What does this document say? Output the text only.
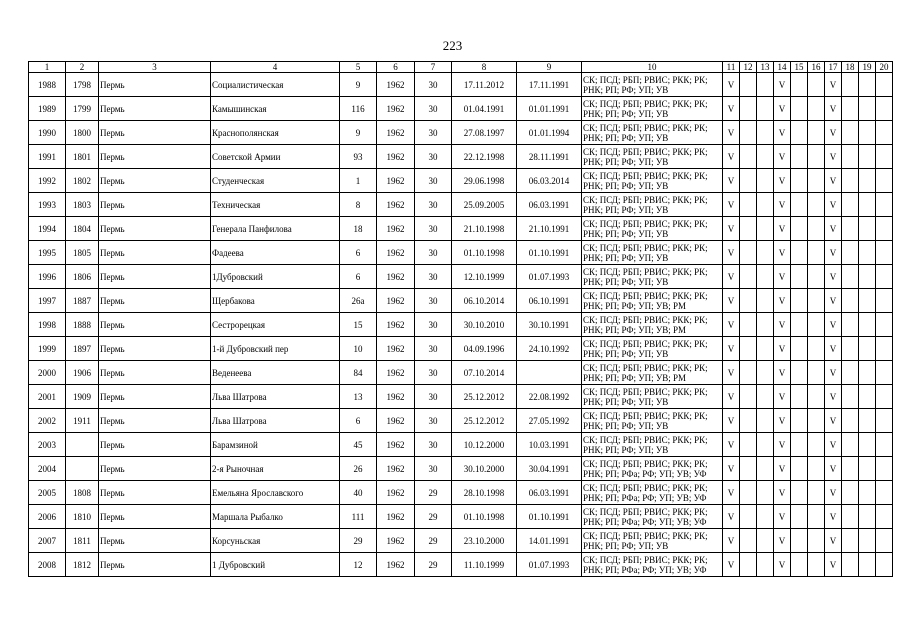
223
1	2	3	4	5	6	7	8	9	10	11	12	13	14	15	16	17	18	19	20
1988	1798	Пермь	Социалистическая	9	1962	30	17.11.2012	17.11.1991	СК; ПСД; РБП; РВИС; РКК; РК;
РНК; РП; РФ; УП; УВ	V			V			V			
1989	1799	Пермь	Камышинская	116	1962	30	01.04.1991	01.01.1991	СК; ПСД; РБП; РВИС; РКК; РК;
РНК; РП; РФ; УП; УВ	V			V			V			
1990	1800	Пермь	Краснополянская	9	1962	30	27.08.1997	01.01.1994	СК; ПСД; РБП; РВИС; РКК; РК;
РНК; РП; РФ; УП; УВ	V			V			V			
1991	1801	Пермь	Советской Армии	93	1962	30	22.12.1998	28.11.1991	СК; ПСД; РБП; РВИС; РКК; РК;
РНК; РП; РФ; УП; УВ	V			V			V			
1992	1802	Пермь	Студенческая	1	1962	30	29.06.1998	06.03.2014	СК; ПСД; РБП; РВИС; РКК; РК;
РНК; РП; РФ; УП; УВ	V			V			V			
1993	1803	Пермь	Техническая	8	1962	30	25.09.2005	06.03.1991	СК; ПСД; РБП; РВИС; РКК; РК;
РНК; РП; РФ; УП; УВ	V			V			V			
1994	1804	Пермь	Генерала Панфилова	18	1962	30	21.10.1998	21.10.1991	СК; ПСД; РБП; РВИС; РКК; РК;
РНК; РП; РФ; УП; УВ	V			V			V			
1995	1805	Пермь	Фадеева	6	1962	30	01.10.1998	01.10.1991	СК; ПСД; РБП; РВИС; РКК; РК;
РНК; РП; РФ; УП; УВ	V			V			V			
1996	1806	Пермь	1Дубровский	6	1962	30	12.10.1999	01.07.1993	СК; ПСД; РБП; РВИС; РКК; РК;
РНК; РП; РФ; УП; УВ	V			V			V			
1997	1887	Пермь	Щербакова	26а	1962	30	06.10.2014	06.10.1991	СК; ПСД; РБП; РВИС; РКК; РК;
РНК; РП; РФ; УП; УВ; РМ	V			V			V			
1998	1888	Пермь	Сестрорецкая	15	1962	30	30.10.2010	30.10.1991	СК; ПСД; РБП; РВИС; РКК; РК;
РНК; РП; РФ; УП; УВ; РМ	V			V			V			
1999	1897	Пермь	1-й Дубровский пер	10	1962	30	04.09.1996	24.10.1992	СК; ПСД; РБП; РВИС; РКК; РК;
РНК; РП; РФ; УП; УВ	V			V			V			
2000	1906	Пермь	Веденеева	84	1962	30	07.10.2014		СК; ПСД; РБП; РВИС; РКК; РК;
РНК; РП; РФ; УП; УВ; РМ	V			V			V			
2001	1909	Пермь	Льва Шатрова	13	1962	30	25.12.2012	22.08.1992	СК; ПСД; РБП; РВИС; РКК; РК;
РНК; РП; РФ; УП; УВ	V			V			V			
2002	1911	Пермь	Льва Шатрова	6	1962	30	25.12.2012	27.05.1992	СК; ПСД; РБП; РВИС; РКК; РК;
РНК; РП; РФ; УП; УВ	V			V			V			
2003		Пермь	Барамзиной	45	1962	30	10.12.2000	10.03.1991	СК; ПСД; РБП; РВИС; РКК; РК;
РНК; РП; РФ; УП; УВ	V			V			V			
2004		Пермь	2-я Рыночная	26	1962	30	30.10.2000	30.04.1991	СК; ПСД; РБП; РВИС; РКК; РК;
РНК; РП; РФа; РФ; УП; УВ; УФ	V			V			V			
2005	1808	Пермь	Емельяна Ярославского	40	1962	29	28.10.1998	06.03.1991	СК; ПСД; РБП; РВИС; РКК; РК;
РНК; РП; РФа; РФ; УП; УВ; УФ	V			V			V			
2006	1810	Пермь	Маршала Рыбалко	111	1962	29	01.10.1998	01.10.1991	СК; ПСД; РБП; РВИС; РКК; РК;
РНК; РП; РФа; РФ; УП; УВ; УФ	V			V			V			
2007	1811	Пермь	Корсуньская	29	1962	29	23.10.2000	14.01.1991	СК; ПСД; РБП; РВИС; РКК; РК;
РНК; РП; РФ; УП; УВ	V			V			V			
2008	1812	Пермь	1 Дубровский	12	1962	29	11.10.1999	01.07.1993	СК; ПСД; РБП; РВИС; РКК; РК;
РНК; РП; РФа; РФ; УП; УВ; УФ	V			V			V			
